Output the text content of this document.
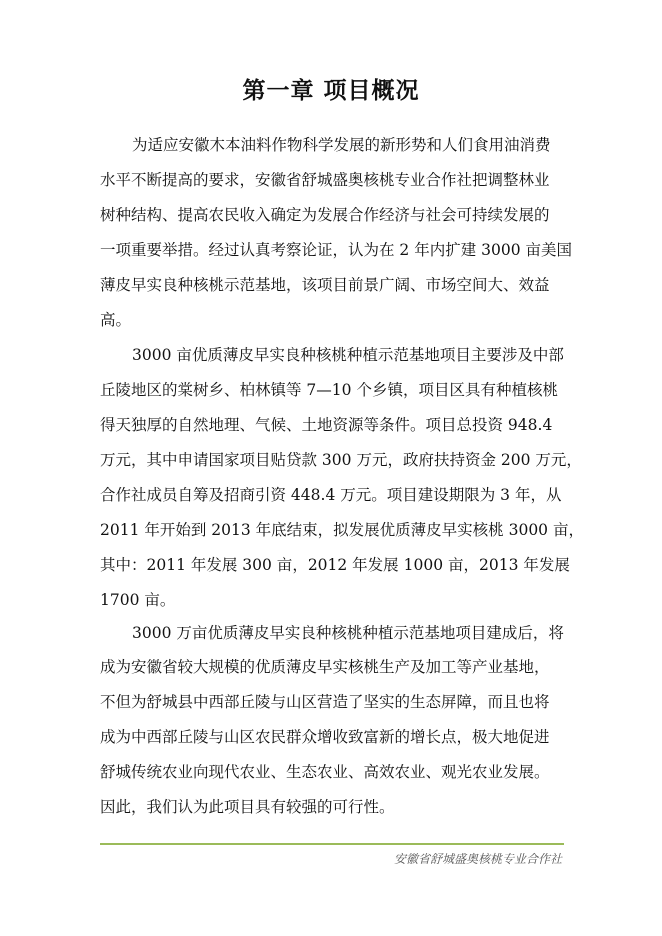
第一章 项目概况
为适应安徽木本油料作物科学发展的新形势和人们食用油消费
水平不断提高的要求，安徽省舒城盛奥核桃专业合作社把调整林业
树种结构、提高农民收入确定为发展合作经济与社会可持续发展的
一项重要举措。经过认真考察论证，认为在 2 年内扩建 3000 亩美国
薄皮早实良种核桃示范基地，该项目前景广阔、市场空间大、效益
高。
3000 亩优质薄皮早实良种核桃种植示范基地项目主要涉及中部
丘陵地区的棠树乡、柏林镇等 7—10 个乡镇，项目区具有种植核桃
得天独厚的自然地理、气候、土地资源等条件。项目总投资 948.4
万元，其中申请国家项目贴贷款 300 万元，政府扶持资金 200 万元，
合作社成员自筹及招商引资 448.4 万元。项目建设期限为 3 年，从
2011 年开始到 2013 年底结束，拟发展优质薄皮早实核桃 3000 亩，
其中：2011 年发展 300 亩，2012 年发展 1000 亩，2013 年发展
1700 亩。
3000 万亩优质薄皮早实良种核桃种植示范基地项目建成后，将
成为安徽省较大规模的优质薄皮早实核桃生产及加工等产业基地，
不但为舒城县中西部丘陵与山区营造了坚实的生态屏障，而且也将
成为中西部丘陵与山区农民群众增收致富新的增长点，极大地促进
舒城传统农业向现代农业、生态农业、高效农业、观光农业发展。
因此，我们认为此项目具有较强的可行性。
安徽省舒城盛奥核桃专业合作社
